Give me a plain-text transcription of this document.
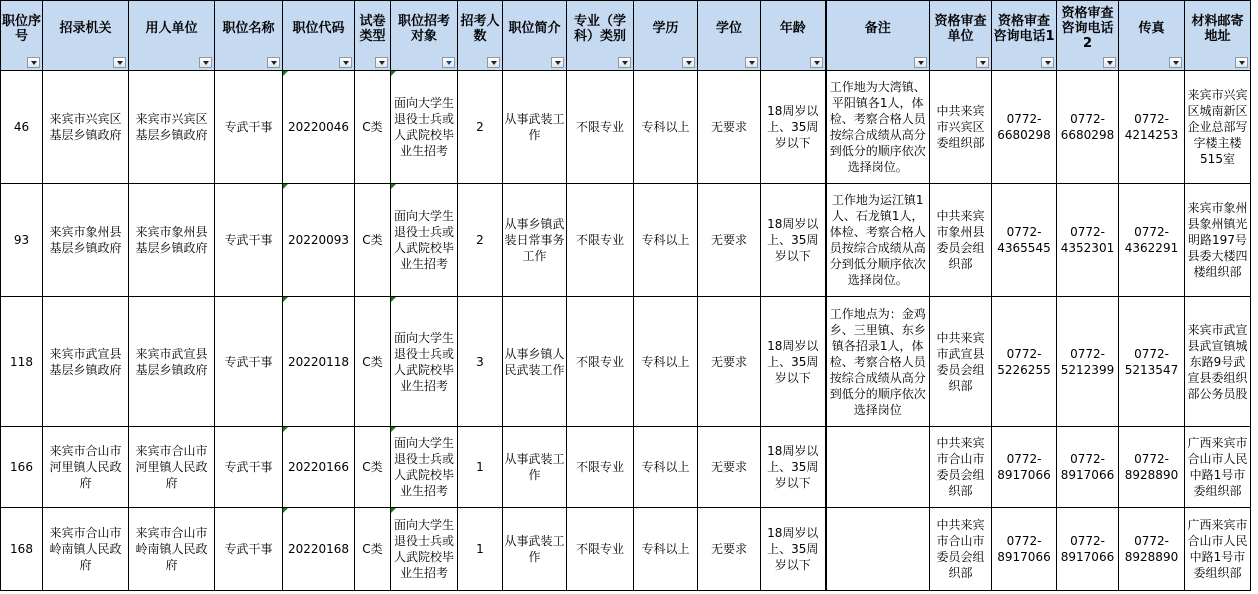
职位序号	招录机关	用人单位	职位名称	职位代码	试卷类型	职位招考对象	招考人数	职位简介	专业（学科）类别	学历	学位	年龄	备注	资格审查单位	资格审查咨询电话1	资格审查咨询电话2	传真	材料邮寄地址

46	来宾市兴宾区基层乡镇政府	来宾市兴宾区基层乡镇政府	专武干事	20220046	C类	面向大学生退役士兵或人武院校毕业生招考	2	从事武装工作	不限专业	专科以上	无要求	18周岁以上、35周岁以下	工作地为大湾镇、平阳镇各1人，体检、考察合格人员按综合成绩从高分到低分的顺序依次选择岗位。	中共来宾市兴宾区委组织部	0772-6680298	0772-6680298	0772-4214253	来宾市兴宾区城南新区企业总部写字楼主楼515室

93	来宾市象州县基层乡镇政府	来宾市象州县基层乡镇政府	专武干事	20220093	C类	面向大学生退役士兵或人武院校毕业生招考	2	从事乡镇武装日常事务工作	不限专业	专科以上	无要求	18周岁以上、35周岁以下	工作地为运江镇1人、石龙镇1人，体检、考察合格人员按综合成绩从高分到低分顺序依次选择岗位。	中共来宾市象州县委员会组织部	0772-4365545	0772-4352301	0772-4362291	来宾市象州县象州镇光明路197号县委大楼四楼组织部

118	来宾市武宣县基层乡镇政府	来宾市武宣县基层乡镇政府	专武干事	20220118	C类	面向大学生退役士兵或人武院校毕业生招考	3	从事乡镇人民武装工作	不限专业	专科以上	无要求	18周岁以上、35周岁以下	工作地点为：金鸡乡、三里镇、东乡镇各招录1人，体检、考察合格人员按综合成绩从高分到低分的顺序依次选择岗位	中共来宾市武宣县委员会组织部	0772-5226255	0772-5212399	0772-5213547	来宾市武宣县武宣镇城东路9号武宣县委组织部公务员股

166	来宾市合山市河里镇人民政府	来宾市合山市河里镇人民政府	专武干事	20220166	C类	面向大学生退役士兵或人武院校毕业生招考	1	从事武装工作	不限专业	专科以上	无要求	18周岁以上、35周岁以下		中共来宾市合山市委员会组织部	0772-8917066	0772-8917066	0772-8928890	广西来宾市合山市人民中路1号市委组织部

168	来宾市合山市岭南镇人民政府	来宾市合山市岭南镇人民政府	专武干事	20220168	C类	面向大学生退役士兵或人武院校毕业生招考	1	从事武装工作	不限专业	专科以上	无要求	18周岁以上、35周岁以下		中共来宾市合山市委员会组织部	0772-8917066	0772-8917066	0772-8928890	广西来宾市合山市人民中路1号市委组织部
